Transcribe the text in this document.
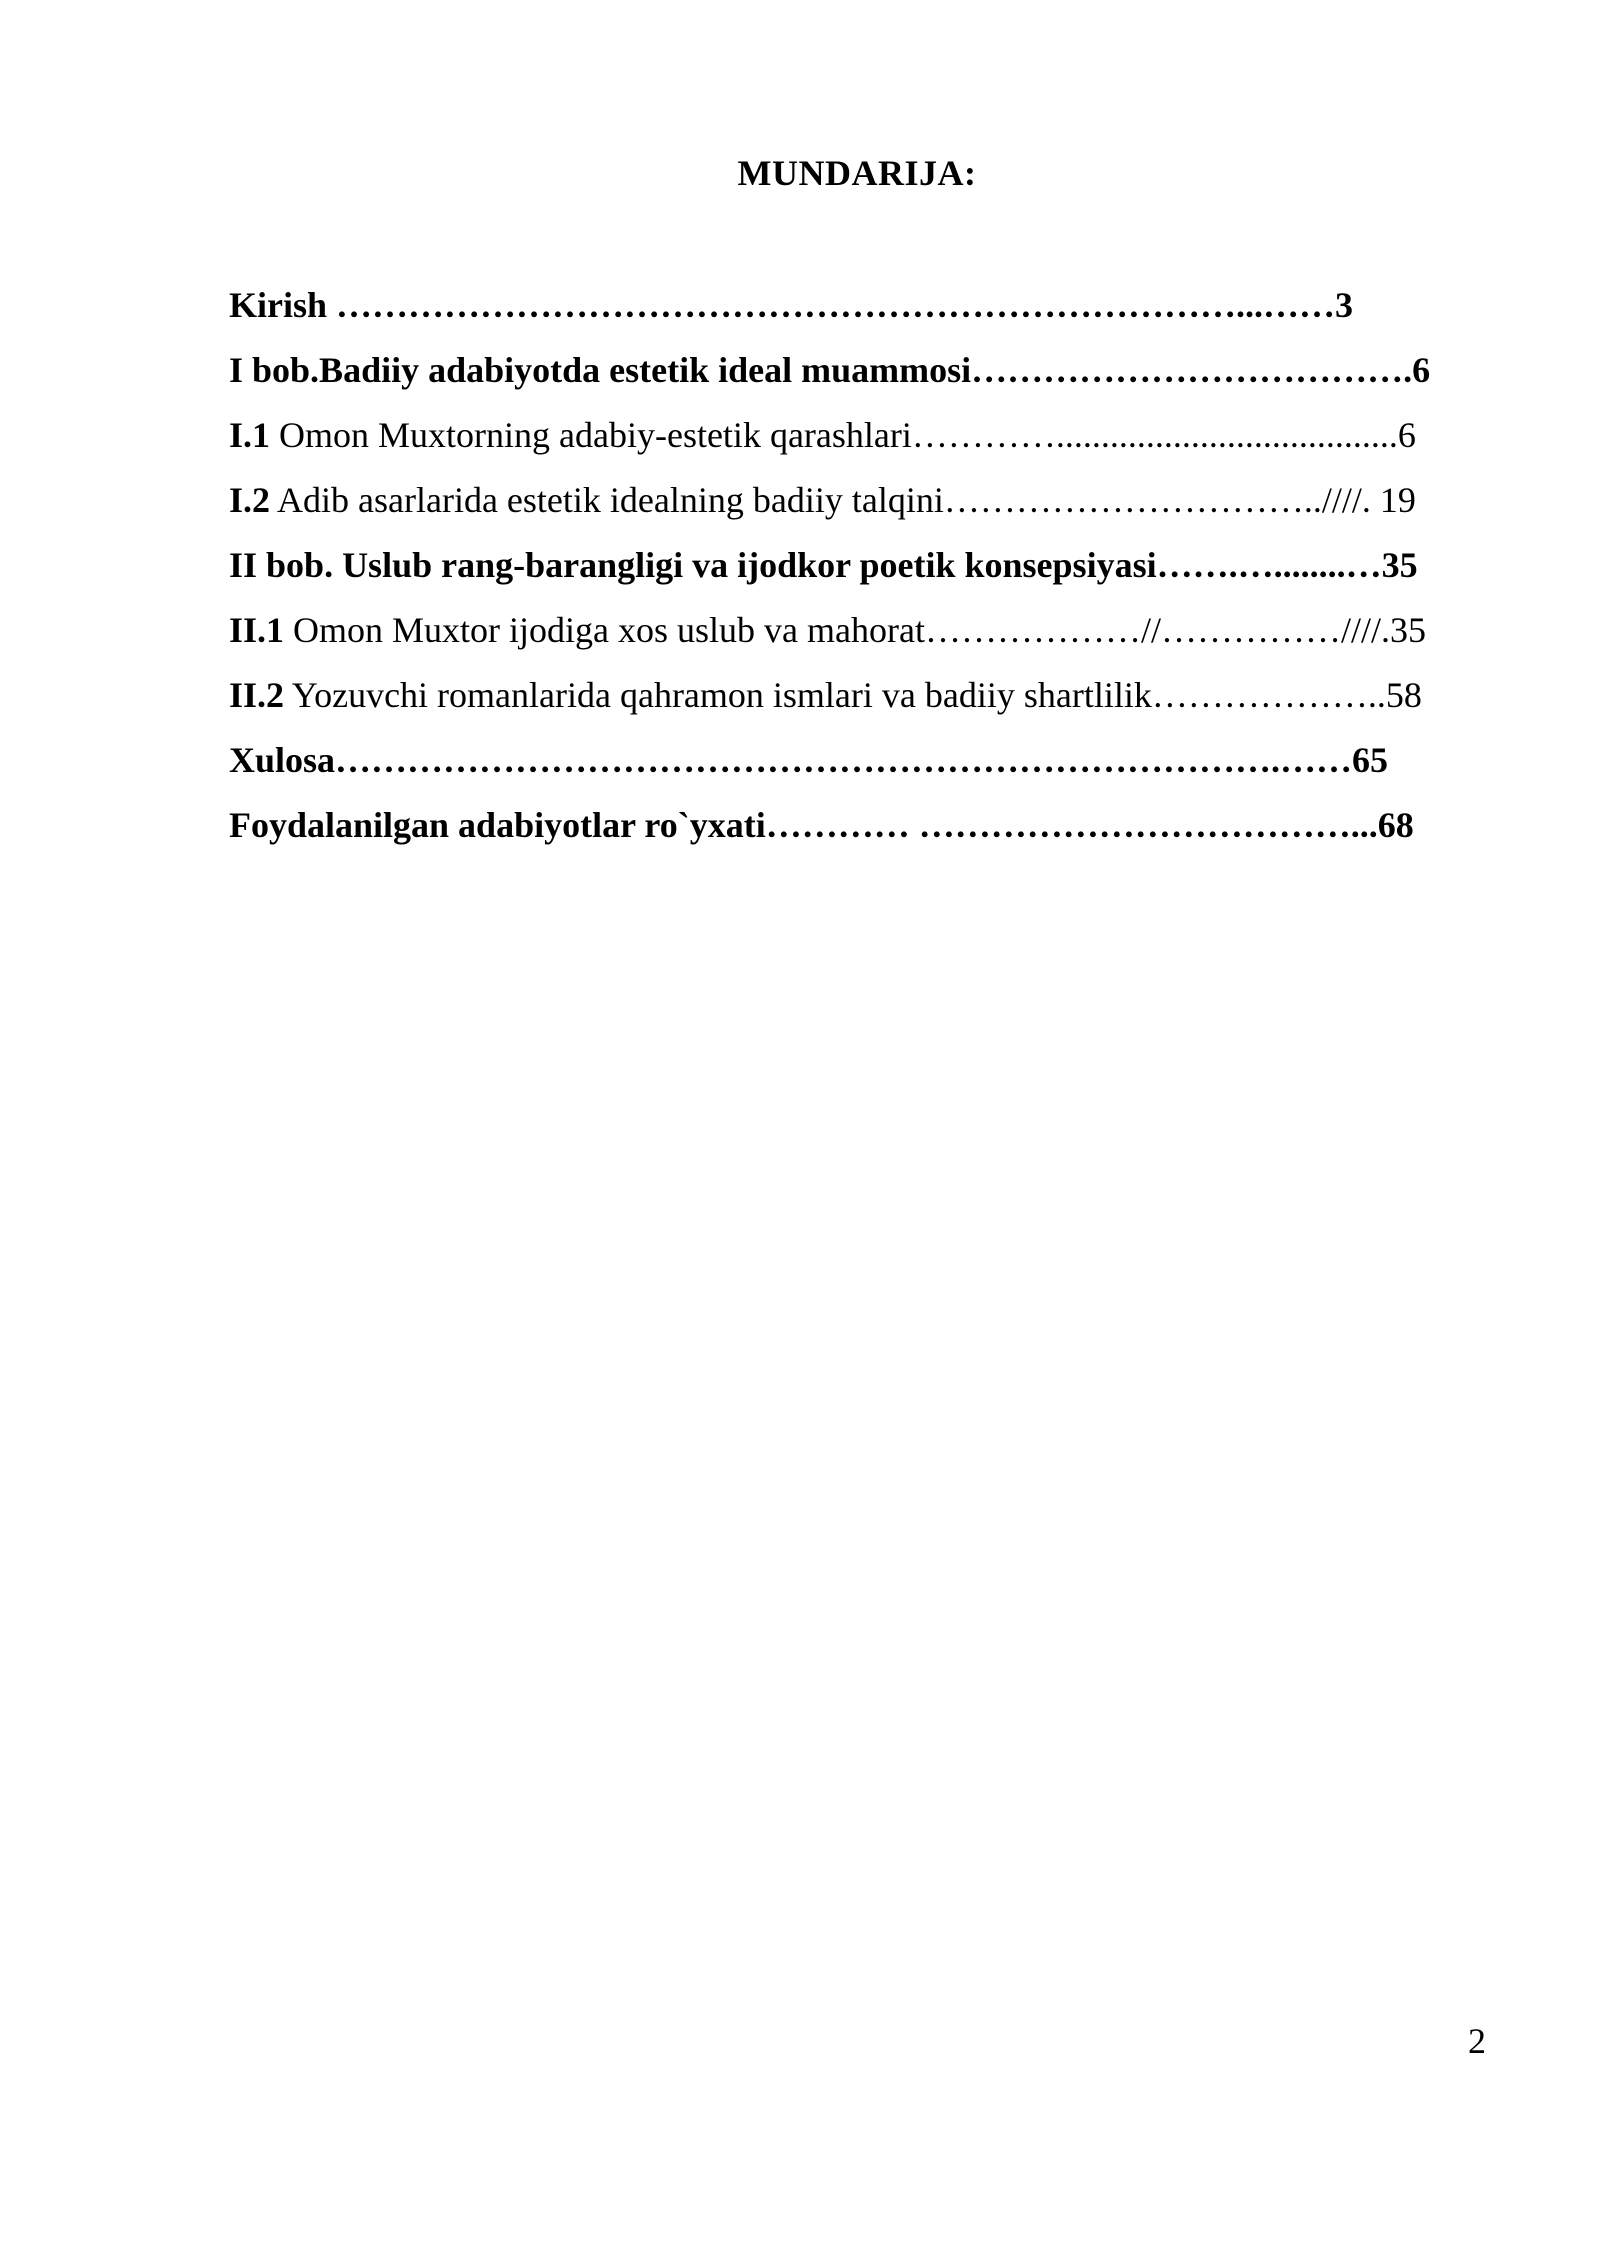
MUNDARIJA:
Kirish …………………………………………………………………...……3
I bob.Badiiy adabiyotda estetik ideal muammosi……………………………….6
I.1 Omon Muxtorning adabiy-estetik qarashlari…………......................................6
I.2 Adib asarlarida estetik idealning badiiy talqini…………………………..////. 19
II bob. Uslub rang-barangligi va ijodkor poetik konsepsiyasi…….…........…35
II.1 Omon Muxtor ijodiga xos uslub va mahorat………………//……………////.35
II.2 Yozuvchi romanlarida qahramon ismlari va badiiy shartlilik………………..58
Xulosa…………………………………………………………………….……65
Foydalanilgan adabiyotlar ro`yxati………… ………………………………...68
2
